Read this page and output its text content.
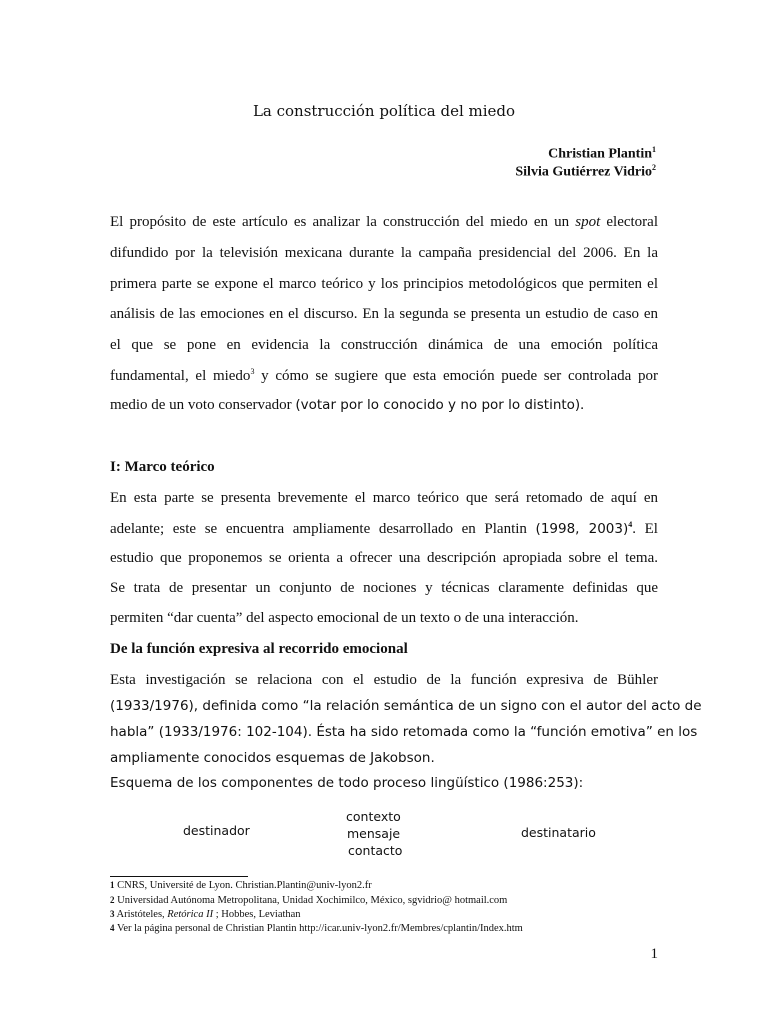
La construcción política del miedo
Christian Plantin$^1$
Silvia Gutiérrez Vidrio$^2$
El propósito de este artículo es analizar la construcción del miedo en un spot electoral
difundido por la televisión mexicana durante la campaña presidencial del 2006. En la
primera parte se expone el marco teórico y los principios metodológicos que permiten el
análisis de las emociones en el discurso. En la segunda se presenta un estudio de caso en
el que se pone en evidencia la construcción dinámica de una emoción política
fundamental, el miedo$^3$ y cómo se sugiere que esta emoción puede ser controlada por
medio de un voto conservador (votar por lo conocido y no por lo distinto).
I: Marco teórico
En esta parte se presenta brevemente el marco teórico que será retomado de aquí en
adelante; este se encuentra ampliamente desarrollado en Plantin (1998, 2003)$^4$. El
estudio que proponemos se orienta a ofrecer una descripción apropiada sobre el tema.
Se trata de presentar un conjunto de nociones y técnicas claramente definidas que
permiten “dar cuenta” del aspecto emocional de un texto o de una interacción.
De la función expresiva al recorrido emocional
Esta investigación se relaciona con el estudio de la función expresiva de Bühler
(1933/1976), definida como “la relación semántica de un signo con el autor del acto de
habla” (1933/1976: 102-104). Ésta ha sido retomada como la “función emotiva” en los
ampliamente conocidos esquemas de Jakobson.
Esquema de los componentes de todo proceso lingüístico (1986:253):
destinador
contexto
mensaje
contacto
destinatario
1 CNRS, Université de Lyon. Christian.Plantin@univ-lyon2.fr
2 Universidad Autónoma Metropolitana, Unidad Xochimilco, México, sgvidrio@ hotmail.com
3 Aristóteles, Retórica II ; Hobbes, Leviathan
4 Ver la página personal de Christian Plantin http://icar.univ-lyon2.fr/Membres/cplantin/Index.htm
1
